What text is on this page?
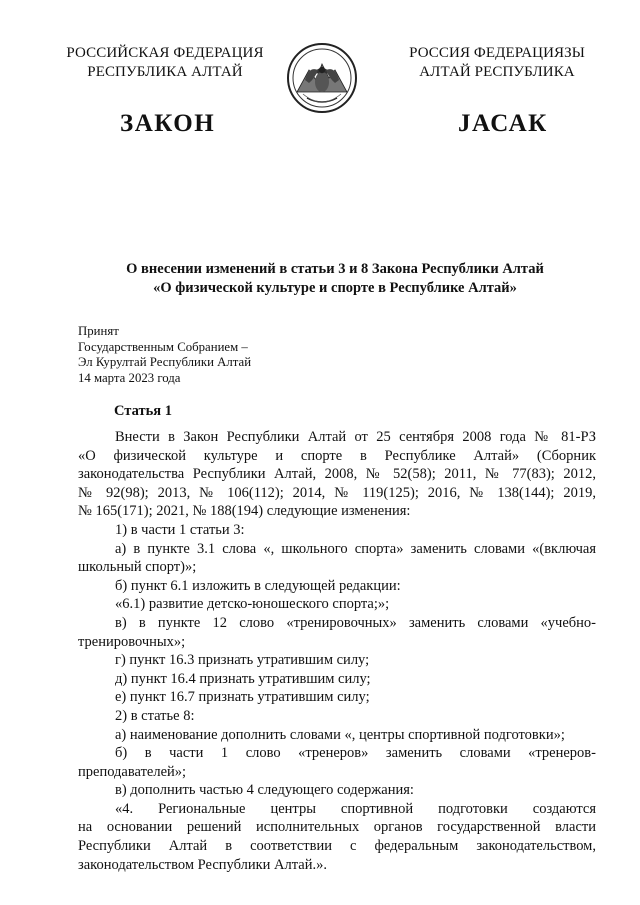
РОССИЙСКАЯ ФЕДЕРАЦИЯ
РЕСПУБЛИКА АЛТАЙ
РОССИЯ ФЕДЕРАЦИЯЗЫ
АЛТАЙ РЕСПУБЛИКА
ЗАКОН	ЈАСАК
О внесении изменений в статьи 3 и 8 Закона Республики Алтай
«О физической культуре и спорте в Республике Алтай»
Принят
Государственным Собранием –
Эл Курултай Республики Алтай
14 марта 2023 года
Статья 1
Внести в Закон Республики Алтай от 25 сентября 2008 года № 81-РЗ
«О физической культуре и спорте в Республике Алтай» (Сборник
законодательства Республики Алтай, 2008, № 52(58); 2011, № 77(83); 2012,
№ 92(98); 2013, № 106(112); 2014, № 119(125); 2016, № 138(144); 2019,
№ 165(171); 2021, № 188(194) следующие изменения:
1) в части 1 статьи 3:
а) в пункте 3.1 слова «, школьного спорта» заменить словами «(включая
школьный спорт)»;
б) пункт 6.1 изложить в следующей редакции:
«6.1) развитие детско-юношеского спорта;»;
в) в пункте 12 слово «тренировочных» заменить словами «учебно-
тренировочных»;
г) пункт 16.3 признать утратившим силу;
д) пункт 16.4 признать утратившим силу;
е) пункт 16.7 признать утратившим силу;
2) в статье 8:
а) наименование дополнить словами «, центры спортивной подготовки»;
б) в части 1 слово «тренеров» заменить словами «тренеров-
преподавателей»;
в) дополнить частью 4 следующего содержания:
«4. Региональные центры спортивной подготовки создаются
на основании решений исполнительных органов государственной власти
Республики Алтай в соответствии с федеральным законодательством,
законодательством Республики Алтай.».
